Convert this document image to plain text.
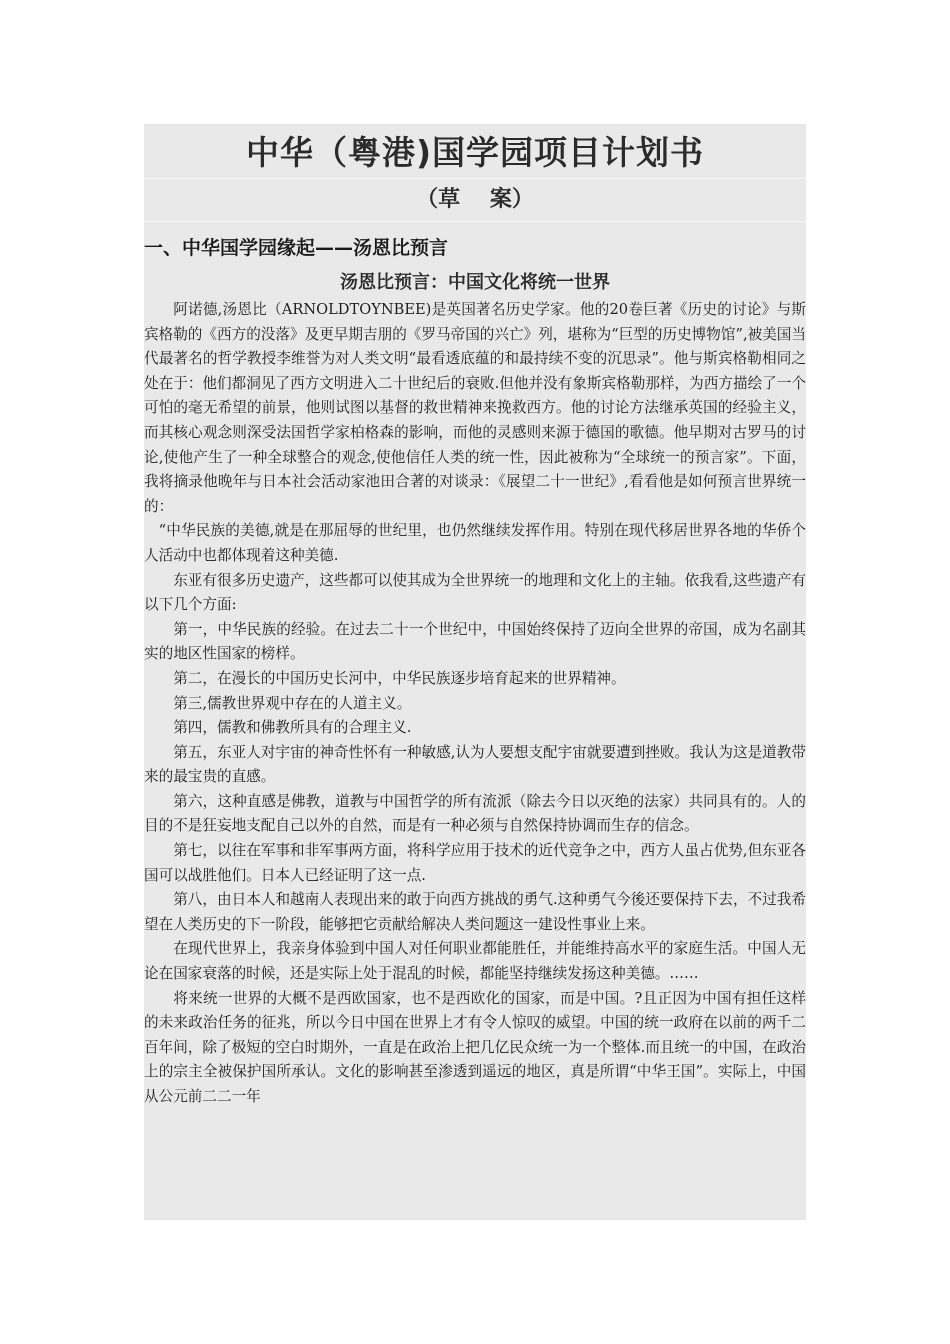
中华（粤港)国学园项目计划书
（草　 案）
一、中华国学园缘起——汤恩比预言
汤恩比预言：中国文化将统一世界

阿诺德,汤恩比（ARNOLDTOYNBEE)是英国著名历史学家。他的20卷巨著《历史的讨论》与斯宾格勒的《西方的没落》及更早期吉朋的《罗马帝国的兴亡》列，堪称为“巨型的历史博物馆”,被美国当代最著名的哲学教授李维誉为对人类文明“最看透底蕴的和最持续不变的沉思录”。他与斯宾格勒相同之处在于：他们都洞见了西方文明进入二十世纪后的衰败.但他并没有象斯宾格勒那样，为西方描绘了一个可怕的毫无希望的前景，他则试图以基督的救世精神来挽救西方。他的讨论方法继承英国的经验主义，而其核心观念则深受法国哲学家柏格森的影响，而他的灵感则来源于德国的歌德。他早期对古罗马的讨论,使他产生了一种全球整合的观念,使他信任人类的统一性，因此被称为“全球统一的预言家”。下面，我将摘录他晚年与日本社会活动家池田合著的对谈录：《展望二十一世纪》,看看他是如何预言世界统一的：

“中华民族的美德,就是在那屈辱的世纪里，也仍然继续发挥作用。特别在现代移居世界各地的华侨个人活动中也都体现着这种美德.

东亚有很多历史遗产，这些都可以使其成为全世界统一的地理和文化上的主轴。依我看,这些遗产有以下几个方面:

第一，中华民族的经验。在过去二十一个世纪中，中国始终保持了迈向全世界的帝国，成为名副其实的地区性国家的榜样。

第二，在漫长的中国历史长河中，中华民族逐步培育起来的世界精神。

第三,儒教世界观中存在的人道主义。

第四，儒教和佛教所具有的合理主义.

第五，东亚人对宇宙的神奇性怀有一种敏感,认为人要想支配宇宙就要遭到挫败。我认为这是道教带来的最宝贵的直感。

第六，这种直感是佛教，道教与中国哲学的所有流派（除去今日以灭绝的法家）共同具有的。人的目的不是狂妄地支配自己以外的自然，而是有一种必须与自然保持协调而生存的信念。

第七，以往在军事和非军事两方面，将科学应用于技术的近代竞争之中，西方人虽占优势,但东亚各国可以战胜他们。日本人已经证明了这一点.

第八，由日本人和越南人表现出来的敢于向西方挑战的勇气.这种勇气今後还要保持下去，不过我希望在人类历史的下一阶段，能够把它贡献给解决人类问题这一建设性事业上来。

在现代世界上，我亲身体验到中国人对任何职业都能胜任，并能维持高水平的家庭生活。中国人无论在国家衰落的时候，还是实际上处于混乱的时候，都能坚持继续发扬这种美德。……

将来统一世界的大概不是西欧国家，也不是西欧化的国家，而是中国。?且正因为中国有担任这样的未来政治任务的征兆，所以今日中国在世界上才有令人惊叹的威望。中国的统一政府在以前的两千二百年间，除了极短的空白时期外，一直是在政治上把几亿民众统一为一个整体.而且统一的中国，在政治上的宗主全被保护国所承认。文化的影响甚至渗透到遥远的地区，真是所谓“中华王国”。实际上，中国从公元前二二一年
